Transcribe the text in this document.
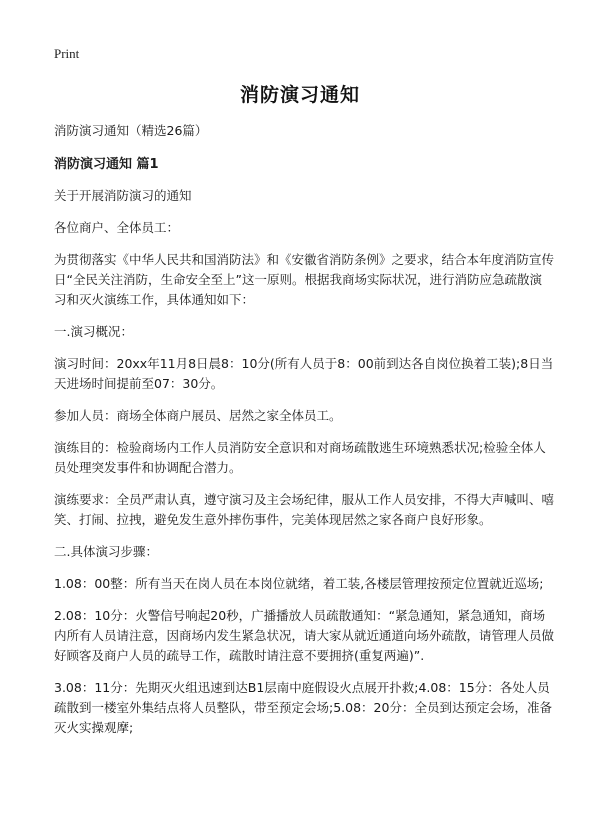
Print
消防演习通知

消防演习通知（精选26篇）

消防演习通知 篇1

关于开展消防演习的通知

各位商户、全体员工：

为贯彻落实《中华人民共和国消防法》和《安徽省消防条例》之要求，结合本年度消防宣传日“全民关注消防，生命安全至上”这一原则。根据我商场实际状况，进行消防应急疏散演习和灭火演练工作，具体通知如下：

一.演习概况：

演习时间：20xx年11月8日晨8：10分(所有人员于8：00前到达各自岗位换着工装);8日当天进场时间提前至07：30分。

参加人员：商场全体商户展员、居然之家全体员工。

演练目的：检验商场内工作人员消防安全意识和对商场疏散逃生环境熟悉状况;检验全体人员处理突发事件和协调配合潜力。

演练要求：全员严肃认真，遵守演习及主会场纪律，服从工作人员安排，不得大声喊叫、嘻笑、打闹、拉拽，避免发生意外摔伤事件，完美体现居然之家各商户良好形象。

二.具体演习步骤：

1.08：00整：所有当天在岗人员在本岗位就绪，着工装,各楼层管理按预定位置就近巡场;

2.08：10分：火警信号响起20秒，广播播放人员疏散通知：“紧急通知，紧急通知，商场内所有人员请注意，因商场内发生紧急状况，请大家从就近通道向场外疏散，请管理人员做好顾客及商户人员的疏导工作，疏散时请注意不要拥挤(重复两遍)”.

3.08：11分：先期灭火组迅速到达B1层南中庭假设火点展开扑救;4.08：15分：各处人员疏散到一楼室外集结点将人员整队，带至预定会场;5.08：20分：全员到达预定会场，准备灭火实操观摩;
